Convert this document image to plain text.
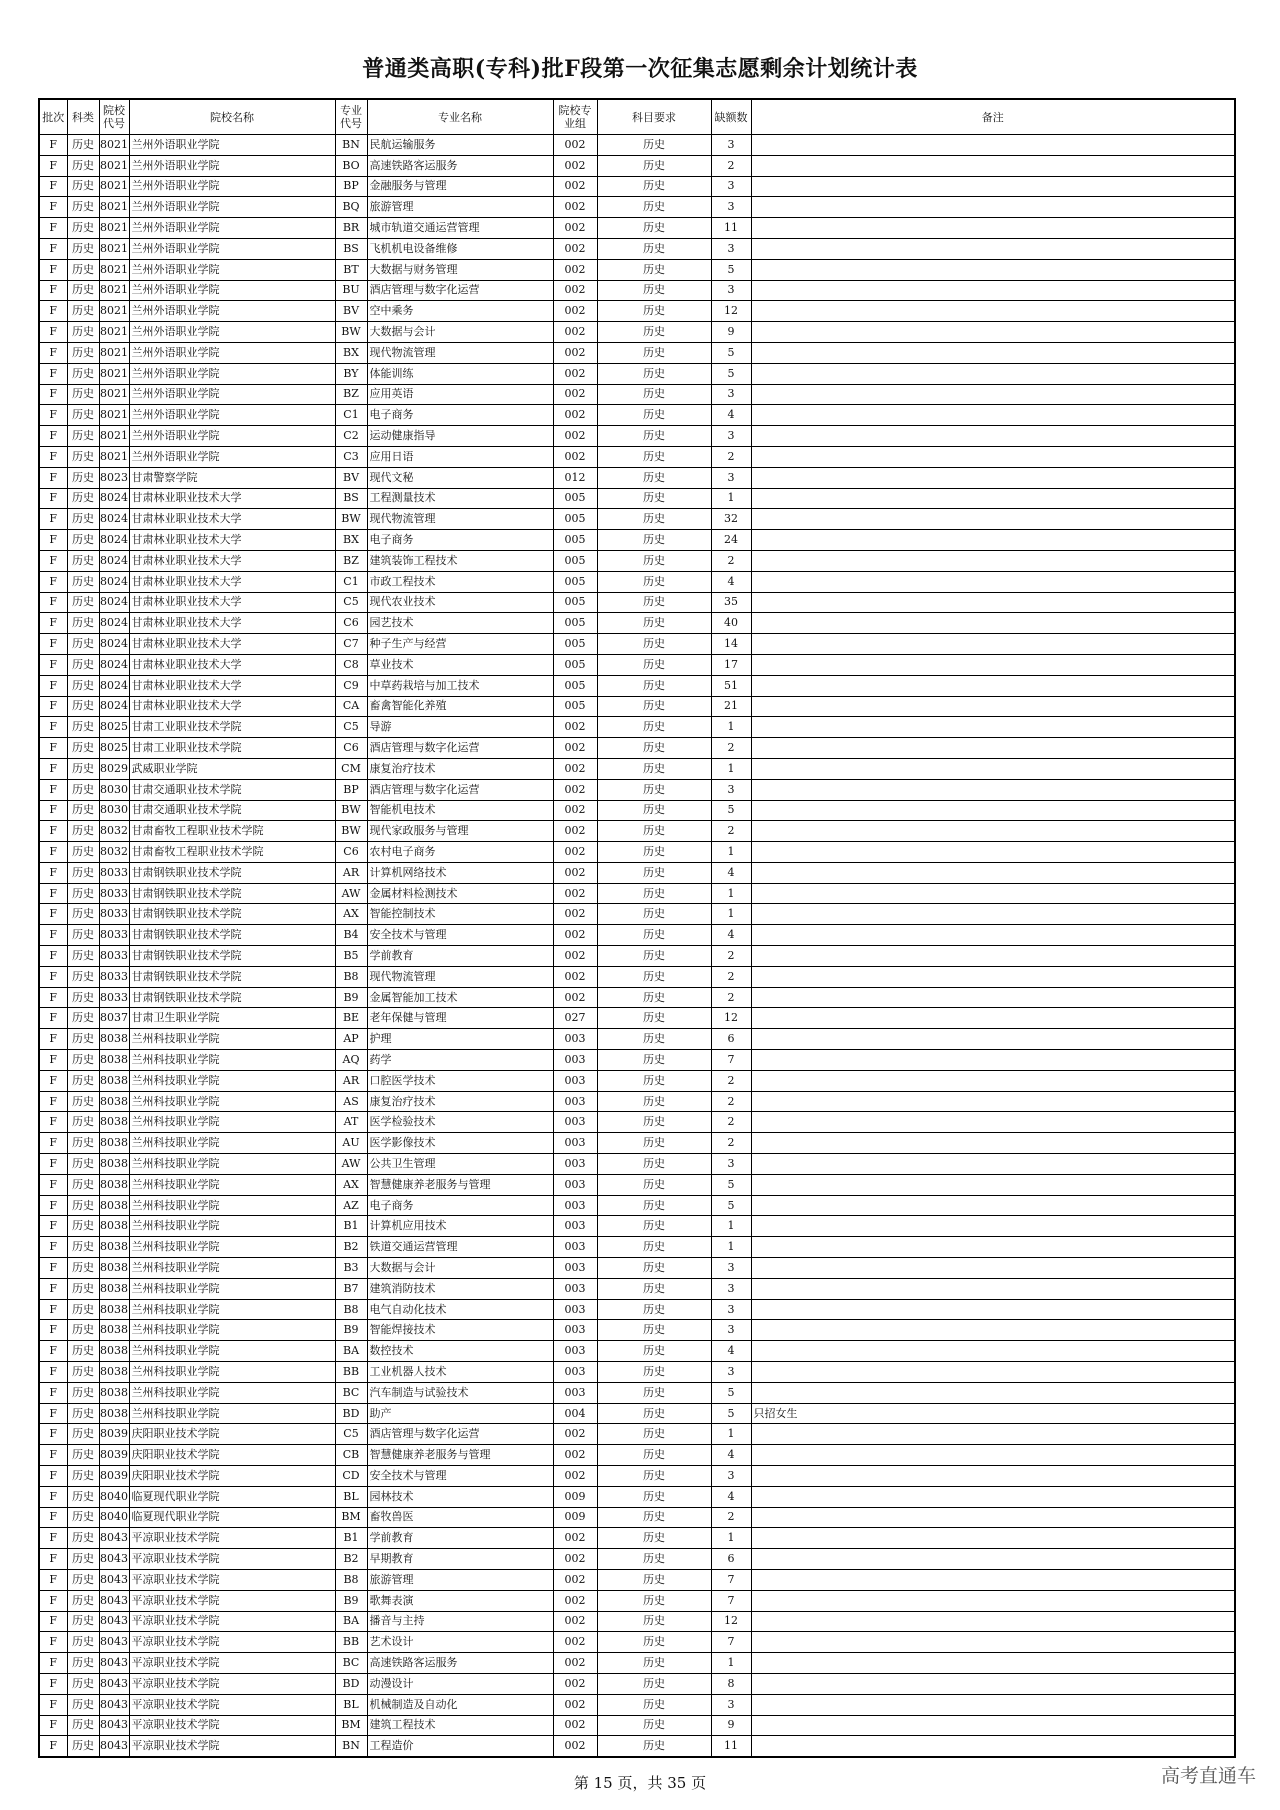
普通类高职(专科)批F段第一次征集志愿剩余计划统计表
批次	科类	院校代号	院校名称	专业代号	专业名称	院校专业组	科目要求	缺额数	备注
F	历史	8021	兰州外语职业学院	BN	民航运输服务	002	历史	3	
F	历史	8021	兰州外语职业学院	BO	高速铁路客运服务	002	历史	2	
F	历史	8021	兰州外语职业学院	BP	金融服务与管理	002	历史	3	
F	历史	8021	兰州外语职业学院	BQ	旅游管理	002	历史	3	
F	历史	8021	兰州外语职业学院	BR	城市轨道交通运营管理	002	历史	11	
F	历史	8021	兰州外语职业学院	BS	飞机机电设备维修	002	历史	3	
F	历史	8021	兰州外语职业学院	BT	大数据与财务管理	002	历史	5	
F	历史	8021	兰州外语职业学院	BU	酒店管理与数字化运营	002	历史	3	
F	历史	8021	兰州外语职业学院	BV	空中乘务	002	历史	12	
F	历史	8021	兰州外语职业学院	BW	大数据与会计	002	历史	9	
F	历史	8021	兰州外语职业学院	BX	现代物流管理	002	历史	5	
F	历史	8021	兰州外语职业学院	BY	体能训练	002	历史	5	
F	历史	8021	兰州外语职业学院	BZ	应用英语	002	历史	3	
F	历史	8021	兰州外语职业学院	C1	电子商务	002	历史	4	
F	历史	8021	兰州外语职业学院	C2	运动健康指导	002	历史	3	
F	历史	8021	兰州外语职业学院	C3	应用日语	002	历史	2	
F	历史	8023	甘肃警察学院	BV	现代文秘	012	历史	3	
F	历史	8024	甘肃林业职业技术大学	BS	工程测量技术	005	历史	1	
F	历史	8024	甘肃林业职业技术大学	BW	现代物流管理	005	历史	32	
F	历史	8024	甘肃林业职业技术大学	BX	电子商务	005	历史	24	
F	历史	8024	甘肃林业职业技术大学	BZ	建筑装饰工程技术	005	历史	2	
F	历史	8024	甘肃林业职业技术大学	C1	市政工程技术	005	历史	4	
F	历史	8024	甘肃林业职业技术大学	C5	现代农业技术	005	历史	35	
F	历史	8024	甘肃林业职业技术大学	C6	园艺技术	005	历史	40	
F	历史	8024	甘肃林业职业技术大学	C7	种子生产与经营	005	历史	14	
F	历史	8024	甘肃林业职业技术大学	C8	草业技术	005	历史	17	
F	历史	8024	甘肃林业职业技术大学	C9	中草药栽培与加工技术	005	历史	51	
F	历史	8024	甘肃林业职业技术大学	CA	畜禽智能化养殖	005	历史	21	
F	历史	8025	甘肃工业职业技术学院	C5	导游	002	历史	1	
F	历史	8025	甘肃工业职业技术学院	C6	酒店管理与数字化运营	002	历史	2	
F	历史	8029	武威职业学院	CM	康复治疗技术	002	历史	1	
F	历史	8030	甘肃交通职业技术学院	BP	酒店管理与数字化运营	002	历史	3	
F	历史	8030	甘肃交通职业技术学院	BW	智能机电技术	002	历史	5	
F	历史	8032	甘肃畜牧工程职业技术学院	BW	现代家政服务与管理	002	历史	2	
F	历史	8032	甘肃畜牧工程职业技术学院	C6	农村电子商务	002	历史	1	
F	历史	8033	甘肃钢铁职业技术学院	AR	计算机网络技术	002	历史	4	
F	历史	8033	甘肃钢铁职业技术学院	AW	金属材料检测技术	002	历史	1	
F	历史	8033	甘肃钢铁职业技术学院	AX	智能控制技术	002	历史	1	
F	历史	8033	甘肃钢铁职业技术学院	B4	安全技术与管理	002	历史	4	
F	历史	8033	甘肃钢铁职业技术学院	B5	学前教育	002	历史	2	
F	历史	8033	甘肃钢铁职业技术学院	B8	现代物流管理	002	历史	2	
F	历史	8033	甘肃钢铁职业技术学院	B9	金属智能加工技术	002	历史	2	
F	历史	8037	甘肃卫生职业学院	BE	老年保健与管理	027	历史	12	
F	历史	8038	兰州科技职业学院	AP	护理	003	历史	6	
F	历史	8038	兰州科技职业学院	AQ	药学	003	历史	7	
F	历史	8038	兰州科技职业学院	AR	口腔医学技术	003	历史	2	
F	历史	8038	兰州科技职业学院	AS	康复治疗技术	003	历史	2	
F	历史	8038	兰州科技职业学院	AT	医学检验技术	003	历史	2	
F	历史	8038	兰州科技职业学院	AU	医学影像技术	003	历史	2	
F	历史	8038	兰州科技职业学院	AW	公共卫生管理	003	历史	3	
F	历史	8038	兰州科技职业学院	AX	智慧健康养老服务与管理	003	历史	5	
F	历史	8038	兰州科技职业学院	AZ	电子商务	003	历史	5	
F	历史	8038	兰州科技职业学院	B1	计算机应用技术	003	历史	1	
F	历史	8038	兰州科技职业学院	B2	铁道交通运营管理	003	历史	1	
F	历史	8038	兰州科技职业学院	B3	大数据与会计	003	历史	3	
F	历史	8038	兰州科技职业学院	B7	建筑消防技术	003	历史	3	
F	历史	8038	兰州科技职业学院	B8	电气自动化技术	003	历史	3	
F	历史	8038	兰州科技职业学院	B9	智能焊接技术	003	历史	3	
F	历史	8038	兰州科技职业学院	BA	数控技术	003	历史	4	
F	历史	8038	兰州科技职业学院	BB	工业机器人技术	003	历史	3	
F	历史	8038	兰州科技职业学院	BC	汽车制造与试验技术	003	历史	5	
F	历史	8038	兰州科技职业学院	BD	助产	004	历史	5	只招女生
F	历史	8039	庆阳职业技术学院	C5	酒店管理与数字化运营	002	历史	1	
F	历史	8039	庆阳职业技术学院	CB	智慧健康养老服务与管理	002	历史	4	
F	历史	8039	庆阳职业技术学院	CD	安全技术与管理	002	历史	3	
F	历史	8040	临夏现代职业学院	BL	园林技术	009	历史	4	
F	历史	8040	临夏现代职业学院	BM	畜牧兽医	009	历史	2	
F	历史	8043	平凉职业技术学院	B1	学前教育	002	历史	1	
F	历史	8043	平凉职业技术学院	B2	早期教育	002	历史	6	
F	历史	8043	平凉职业技术学院	B8	旅游管理	002	历史	7	
F	历史	8043	平凉职业技术学院	B9	歌舞表演	002	历史	7	
F	历史	8043	平凉职业技术学院	BA	播音与主持	002	历史	12	
F	历史	8043	平凉职业技术学院	BB	艺术设计	002	历史	7	
F	历史	8043	平凉职业技术学院	BC	高速铁路客运服务	002	历史	1	
F	历史	8043	平凉职业技术学院	BD	动漫设计	002	历史	8	
F	历史	8043	平凉职业技术学院	BL	机械制造及自动化	002	历史	3	
F	历史	8043	平凉职业技术学院	BM	建筑工程技术	002	历史	9	
F	历史	8043	平凉职业技术学院	BN	工程造价	002	历史	11	
第 15 页，共 35 页	高考直通车
